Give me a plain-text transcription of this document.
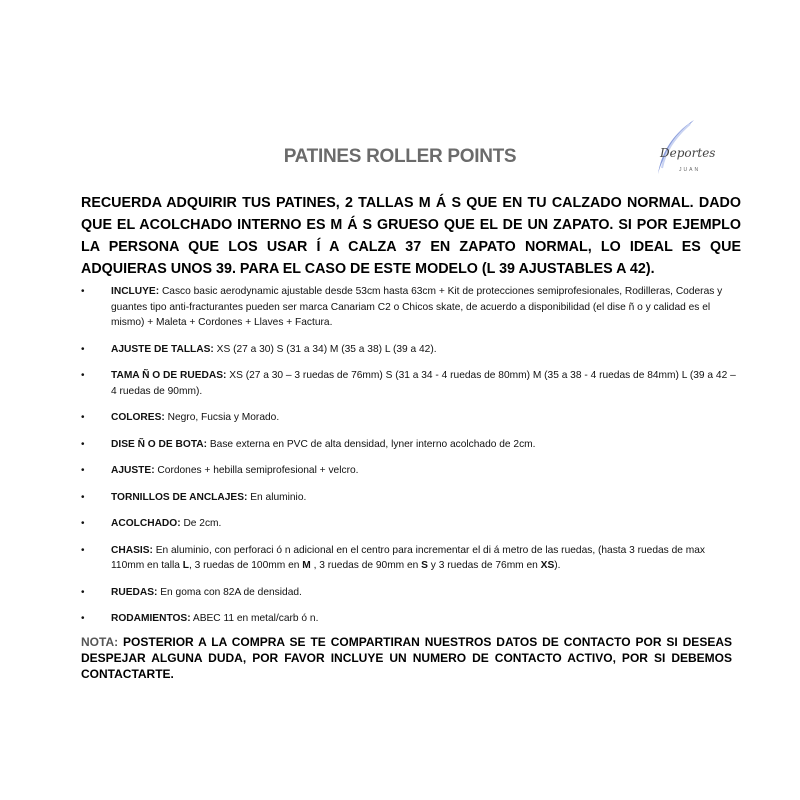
PATINES ROLLER POINTS	Deportes
JUAN
RECUERDA ADQUIRIR TUS PATINES, 2 TALLAS M Á S QUE EN TU CALZADO NORMAL. DADO QUE EL ACOLCHADO INTERNO ES M Á S GRUESO QUE EL DE UN ZAPATO. SI POR EJEMPLO LA PERSONA QUE LOS USAR Í A CALZA 37 EN ZAPATO NORMAL, LO IDEAL ES QUE ADQUIERAS UNOS 39. PARA EL CASO DE ESTE MODELO (L 39 AJUSTABLES A 42).
•	INCLUYE: Casco basic aerodynamic ajustable desde 53cm hasta 63cm + Kit de protecciones semiprofesionales, Rodilleras, Coderas y guantes tipo anti-fracturantes pueden ser marca Canariam C2 o Chicos skate, de acuerdo a disponibilidad (el dise ñ o y calidad es el mismo) + Maleta + Cordones + Llaves + Factura.
•	AJUSTE DE TALLAS: XS (27 a 30) S (31 a 34) M (35 a 38) L (39 a 42).
•	TAMA Ñ O DE RUEDAS: XS (27 a 30 – 3 ruedas de 76mm) S (31 a 34 - 4 ruedas de 80mm) M (35 a 38 - 4 ruedas de 84mm) L (39 a 42 – 4 ruedas de 90mm).
•	COLORES: Negro, Fucsia y Morado.
•	DISE Ñ O DE BOTA: Base externa en PVC de alta densidad, lyner interno acolchado de 2cm.
•	AJUSTE: Cordones + hebilla semiprofesional + velcro.
•	TORNILLOS DE ANCLAJES: En aluminio.
•	ACOLCHADO: De 2cm.
•	CHASIS: En aluminio, con perforaci ó n adicional en el centro para incrementar el di á metro de las ruedas, (hasta 3 ruedas de max 110mm en talla L, 3 ruedas de 100mm en M , 3 ruedas de 90mm en S y 3 ruedas de 76mm en XS).
•	RUEDAS: En goma con 82A de densidad.
•	RODAMIENTOS: ABEC 11 en metal/carb ó n.
NOTA: POSTERIOR A LA COMPRA SE TE COMPARTIRAN NUESTROS DATOS DE CONTACTO POR SI DESEAS DESPEJAR ALGUNA DUDA, POR FAVOR INCLUYE UN NUMERO DE CONTACTO ACTIVO, POR SI DEBEMOS CONTACTARTE.
